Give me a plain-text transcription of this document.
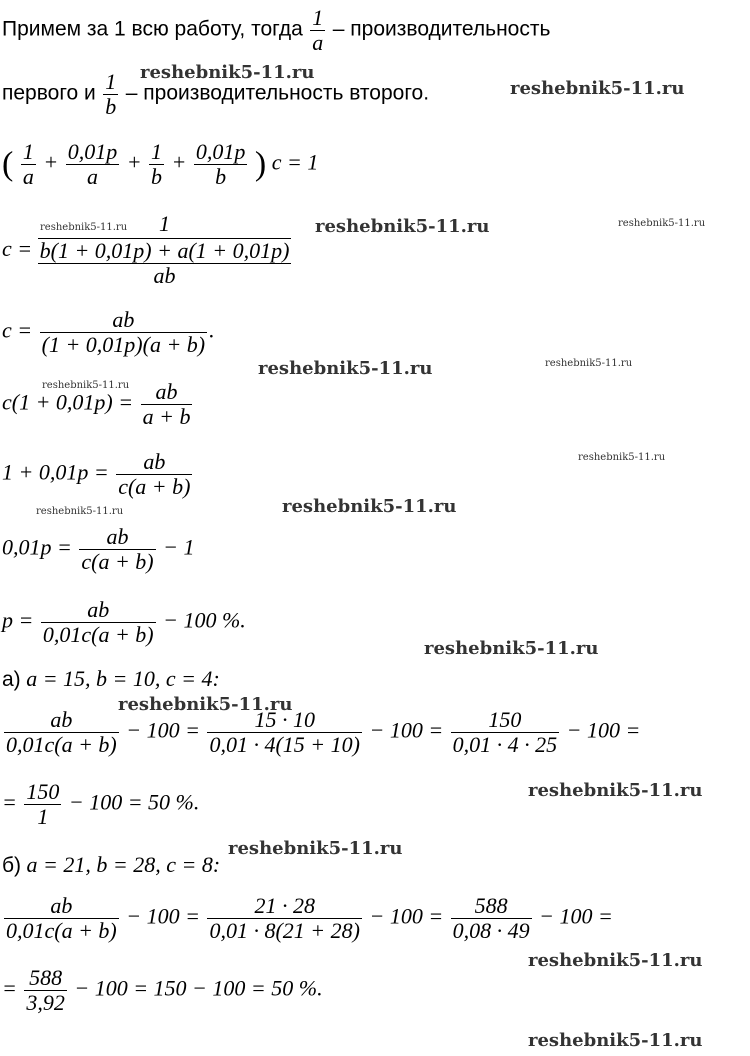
Примем за 1 всю работу, тогда $\frac{1}{a}$ – производительность
первого и $\frac{1}{b}$ – производительность второго.
( $\frac{1}{a} + \frac{0,01p}{a} + \frac{1}{b} + \frac{0,01p}{b}$ ) c = 1
$c = \frac{1}{\frac{b(1 + 0,01p) + a(1 + 0,01p)}{ab}}$
$c = \frac{ab}{(1 + 0,01p)(a + b)}$ .
$c(1 + 0,01p) = \frac{ab}{a + b}$
$1 + 0,01p = \frac{ab}{c(a + b)}$
$0,01p = \frac{ab}{c(a + b)} - 1$
$p = \frac{ab}{0,01c(a + b)} - 100$ %.
а) a = 15, b = 10, c = 4:
$\frac{ab}{0,01c(a + b)} - 100 = \frac{15 \cdot 10}{0,01 \cdot 4(15 + 10)} - 100 = \frac{150}{0,01 \cdot 4 \cdot 25} - 100$ =
= $\frac{150}{1} - 100 = 50$ %.
б) a = 21, b = 28, c = 8:
$\frac{ab}{0,01c(a + b)} - 100 = \frac{21 \cdot 28}{0,01 \cdot 8(21 + 28)} - 100 = \frac{588}{0,08 \cdot 49} - 100$ =
= $\frac{588}{3,92} - 100 = 150 - 100 = 50$ %.
reshebnik5-11.ru
reshebnik5-11.ru
reshebnik5-11.ru	reshebnik5-11.ru	reshebnik5-11.ru
reshebnik5-11.ru	reshebnik5-11.ru
reshebnik5-11.ru
reshebnik5-11.ru
reshebnik5-11.ru
reshebnik5-11.ru
reshebnik5-11.ru
reshebnik5-11.ru
reshebnik5-11.ru
reshebnik5-11.ru
reshebnik5-11.ru
reshebnik5-11.ru
